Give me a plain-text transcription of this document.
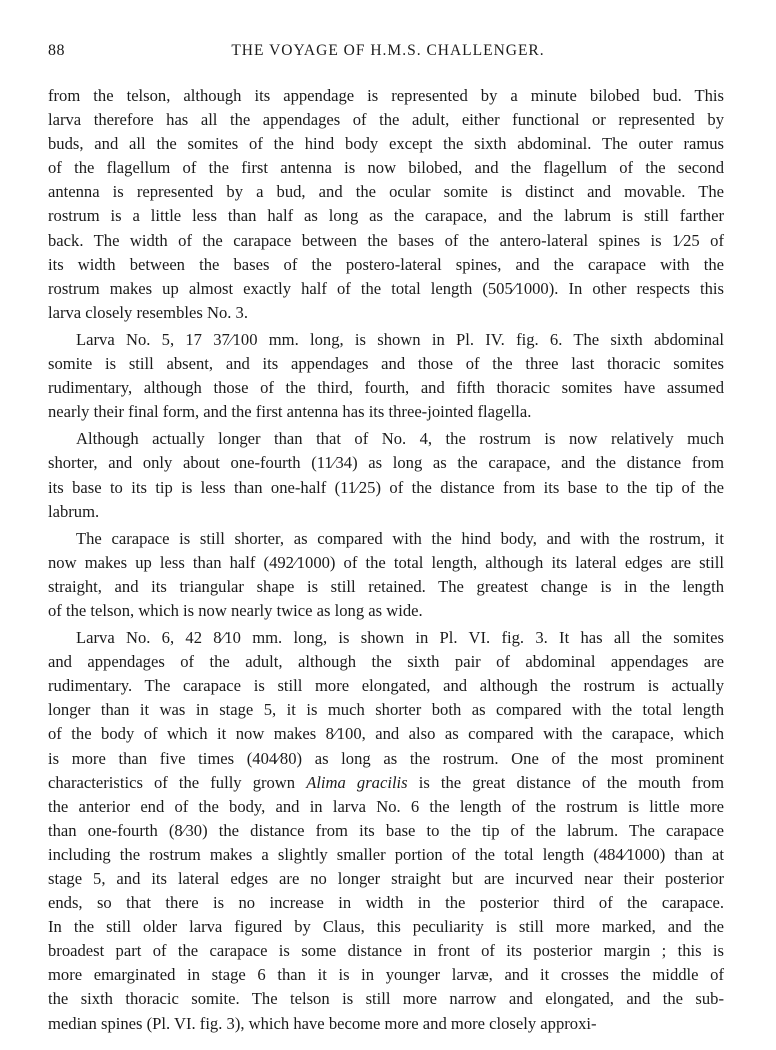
88	THE VOYAGE OF H.M.S. CHALLENGER.
from the telson, although its appendage is represented by a minute bilobed bud. This
larva therefore has all the appendages of the adult, either functional or represented by
buds, and all the somites of the hind body except the sixth abdominal. The outer ramus
of the flagellum of the first antenna is now bilobed, and the flagellum of the second
antenna is represented by a bud, and the ocular somite is distinct and movable. The
rostrum is a little less than half as long as the carapace, and the labrum is still farther
back. The width of the carapace between the bases of the antero-lateral spines is 1⁄25 of
its width between the bases of the postero-lateral spines, and the carapace with the
rostrum makes up almost exactly half of the total length (505⁄1000). In other respects this
larva closely resembles No. 3.
Larva No. 5, 17 37⁄100 mm. long, is shown in Pl. IV. fig. 6. The sixth abdominal
somite is still absent, and its appendages and those of the three last thoracic somites
rudimentary, although those of the third, fourth, and fifth thoracic somites have assumed
nearly their final form, and the first antenna has its three-jointed flagella.
Although actually longer than that of No. 4, the rostrum is now relatively much
shorter, and only about one-fourth (11⁄34) as long as the carapace, and the distance from
its base to its tip is less than one-half (11⁄25) of the distance from its base to the tip of the
labrum.
The carapace is still shorter, as compared with the hind body, and with the rostrum, it
now makes up less than half (492⁄1000) of the total length, although its lateral edges are still
straight, and its triangular shape is still retained. The greatest change is in the length
of the telson, which is now nearly twice as long as wide.
Larva No. 6, 42 8⁄10 mm. long, is shown in Pl. VI. fig. 3. It has all the somites
and appendages of the adult, although the sixth pair of abdominal appendages are
rudimentary. The carapace is still more elongated, and although the rostrum is actually
longer than it was in stage 5, it is much shorter both as compared with the total length
of the body of which it now makes 8⁄100, and also as compared with the carapace, which
is more than five times (404⁄80) as long as the rostrum. One of the most prominent
characteristics of the fully grown Alima gracilis is the great distance of the mouth from
the anterior end of the body, and in larva No. 6 the length of the rostrum is little more
than one-fourth (8⁄30) the distance from its base to the tip of the labrum. The carapace
including the rostrum makes a slightly smaller portion of the total length (484⁄1000) than at
stage 5, and its lateral edges are no longer straight but are incurved near their posterior
ends, so that there is no increase in width in the posterior third of the carapace.
In the still older larva figured by Claus, this peculiarity is still more marked, and the
broadest part of the carapace is some distance in front of its posterior margin ; this is
more emarginated in stage 6 than it is in younger larvæ, and it crosses the middle of
the sixth thoracic somite. The telson is still more narrow and elongated, and the sub-
median spines (Pl. VI. fig. 3), which have become more and more closely approxi-
